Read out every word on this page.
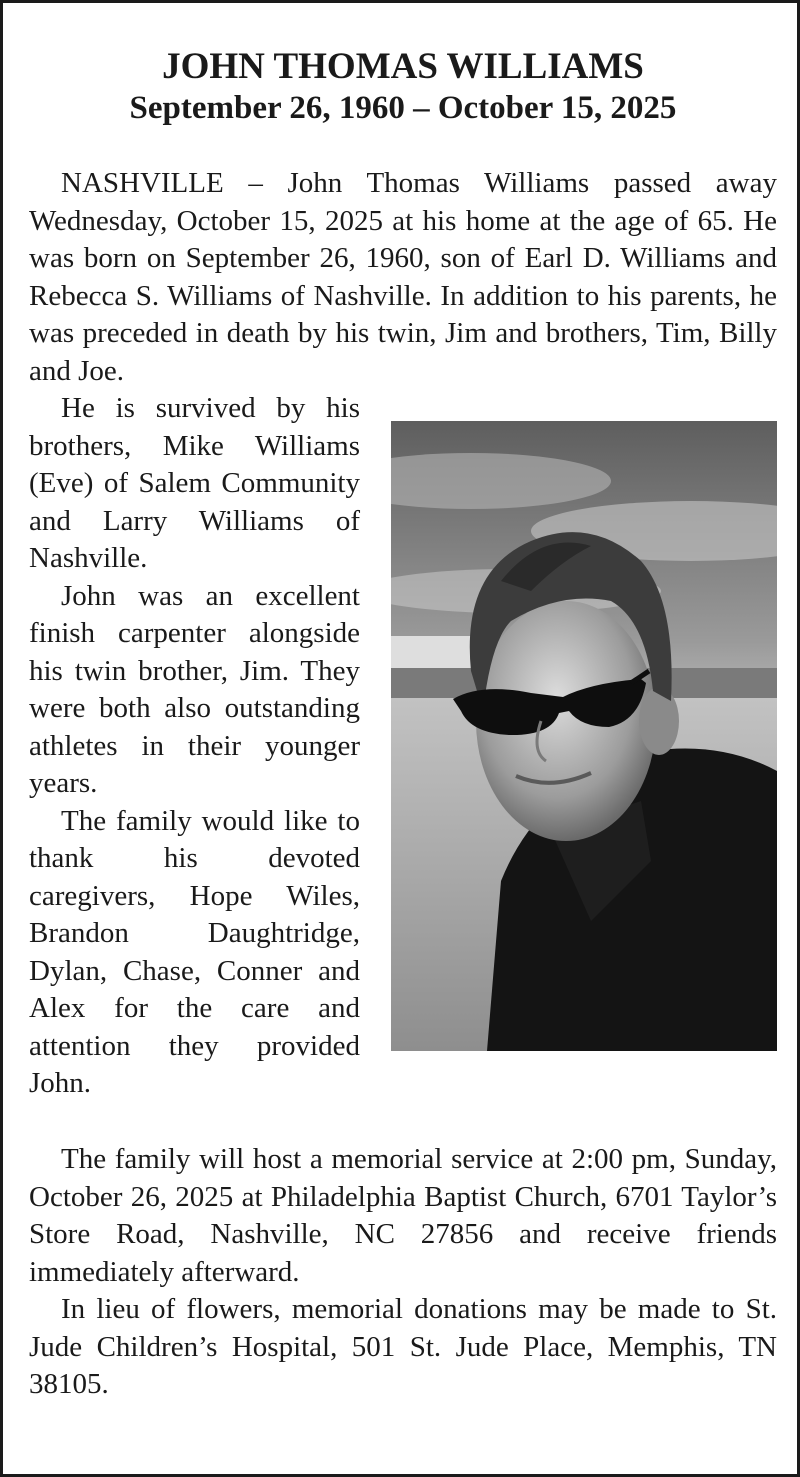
JOHN THOMAS WILLIAMS
September 26, 1960 – October 15, 2025

NASHVILLE – John Thomas Williams passed away Wednesday, October 15, 2025 at his home at the age of 65. He was born on September 26, 1960, son of Earl D. Williams and Rebecca S. Williams of Nashville. In addition to his parents, he was preceded in death by his twin, Jim and brothers, Tim, Billy and Joe.

He is survived by his brothers, Mike Williams (Eve) of Salem Community and Larry Williams of Nashville.

John was an excellent finish carpenter alongside his twin brother, Jim. They were both also outstanding athletes in their younger years.

The family would like to thank his devoted caregivers, Hope Wiles, Brandon Daughtridge, Dylan, Chase, Conner and Alex for the care and attention they provided John.

The family will host a memorial service at 2:00 pm, Sunday, October 26, 2025 at Philadelphia Baptist Church, 6701 Taylor’s Store Road, Nashville, NC 27856 and receive friends immediately afterward.

In lieu of flowers, memorial donations may be made to St. Jude Children’s Hospital, 501 St. Jude Place, Memphis, TN 38105.
